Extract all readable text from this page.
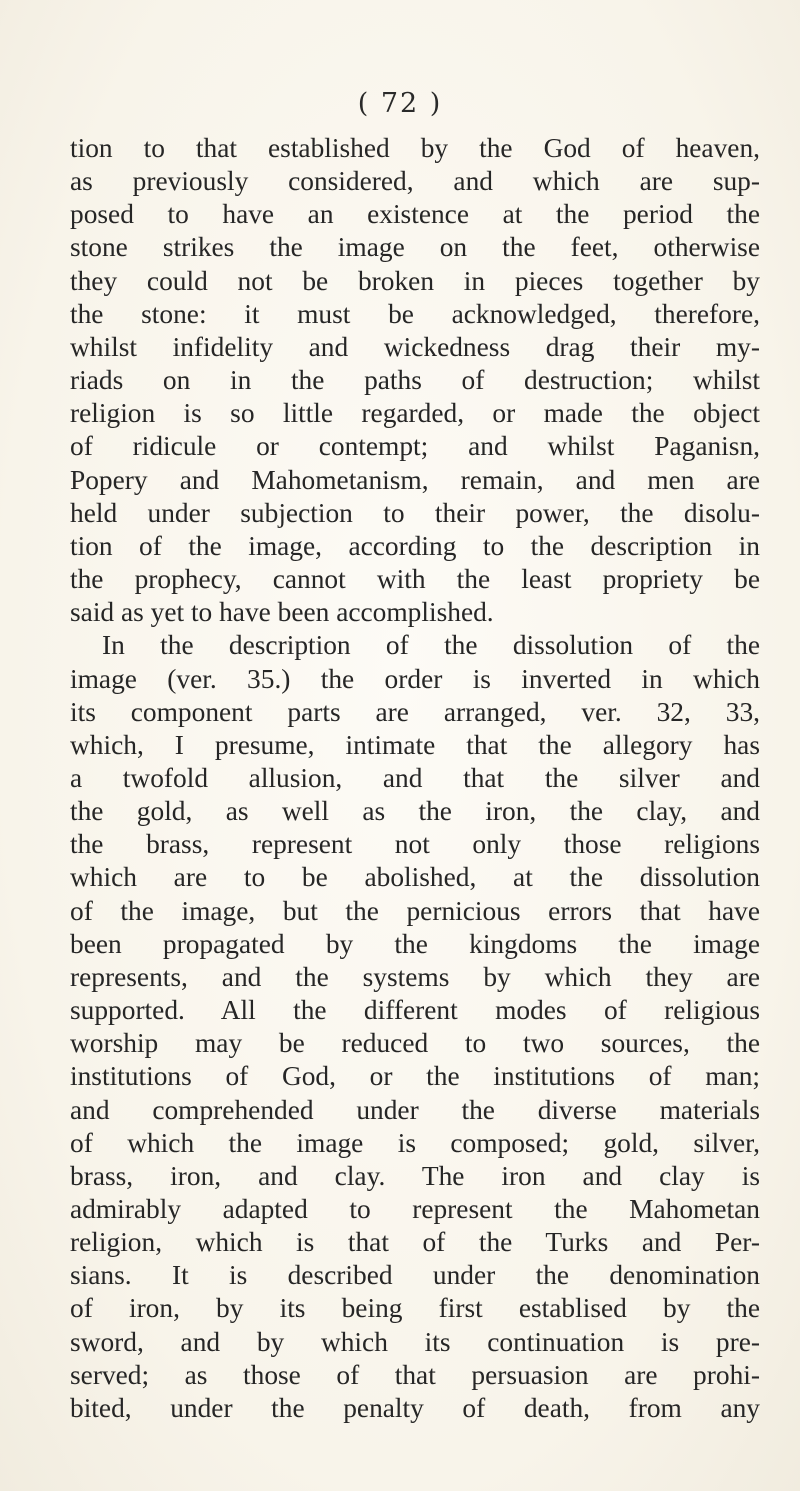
( 72 )
tion to that established by the God of heaven,
as previously considered, and which are sup-
posed to have an existence at the period the
stone strikes the image on the feet, otherwise
they could not be broken in pieces together by
the stone: it must be acknowledged, therefore,
whilst infidelity and wickedness drag their my-
riads on in the paths of destruction; whilst
religion is so little regarded, or made the object
of ridicule or contempt; and whilst Paganisn,
Popery and Mahometanism, remain, and men are
held under subjection to their power, the disolu-
tion of the image, according to the description in
the prophecy, cannot with the least propriety be
said as yet to have been accomplished.
In the description of the dissolution of the
image (ver. 35.) the order is inverted in which
its component parts are arranged, ver. 32, 33,
which, I presume, intimate that the allegory has
a twofold allusion, and that the silver and
the gold, as well as the iron, the clay, and
the brass, represent not only those religions
which are to be abolished, at the dissolution
of the image, but the pernicious errors that have
been propagated by the kingdoms the image
represents, and the systems by which they are
supported. All the different modes of religious
worship may be reduced to two sources, the
institutions of God, or the institutions of man;
and comprehended under the diverse materials
of which the image is composed; gold, silver,
brass, iron, and clay. The iron and clay is
admirably adapted to represent the Mahometan
religion, which is that of the Turks and Per-
sians. It is described under the denomination
of iron, by its being first establised by the
sword, and by which its continuation is pre-
served; as those of that persuasion are prohi-
bited, under the penalty of death, from any
